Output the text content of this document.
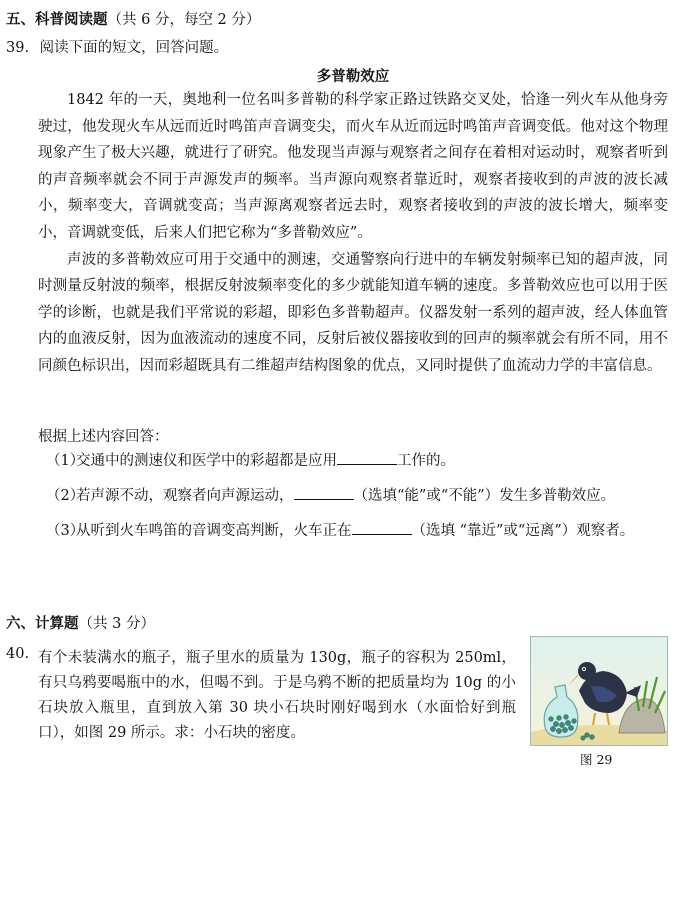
五、科普阅读题（共 6 分，每空 2 分）
39. 阅读下面的短文，回答问题。
多普勒效应

1842 年的一天，奥地利一位名叫多普勒的科学家正路过铁路交叉处，恰逢一列火车从他身旁驶过，他发现火车从远而近时鸣笛声音调变尖，而火车从近而远时鸣笛声音调变低。他对这个物理现象产生了极大兴趣，就进行了研究。他发现当声源与观察者之间存在着相对运动时，观察者听到的声音频率就会不同于声源发声的频率。当声源向观察者靠近时，观察者接收到的声波的波长减小，频率变大，音调就变高；当声源离观察者远去时，观察者接收到的声波的波长增大，频率变小，音调就变低，后来人们把它称为“多普勒效应”。

声波的多普勒效应可用于交通中的测速，交通警察向行进中的车辆发射频率已知的超声波，同时测量反射波的频率，根据反射波频率变化的多少就能知道车辆的速度。多普勒效应也可以用于医学的诊断，也就是我们平常说的彩超，即彩色多普勒超声。仪器发射一系列的超声波，经人体血管内的血液反射，因为血液流动的速度不同，反射后被仪器接收到的回声的频率就会有所不同，用不同颜色标识出，因而彩超既具有二维超声结构图象的优点，又同时提供了血流动力学的丰富信息。

根据上述内容回答：
（1）交通中的测速仪和医学中的彩超都是应用	工作的。
（2）若声源不动，观察者向声源运动，	（选填“能”或“不能”）发生多普勒效应。
（3）从听到火车鸣笛的音调变高判断，火车正在	（选填 “靠近”或“远离”）观察者。
六、计算题（共 3 分）
40. 有个未装满水的瓶子，瓶子里水的质量为 130g，瓶子的容积为 250ml，有只乌鸦要喝瓶中的水，但喝不到。于是乌鸦不断的把质量均为 10g 的小石块放入瓶里，直到放入第 30 块小石块时刚好喝到水（水面恰好到瓶口），如图 29 所示。求：小石块的密度。
图 29
